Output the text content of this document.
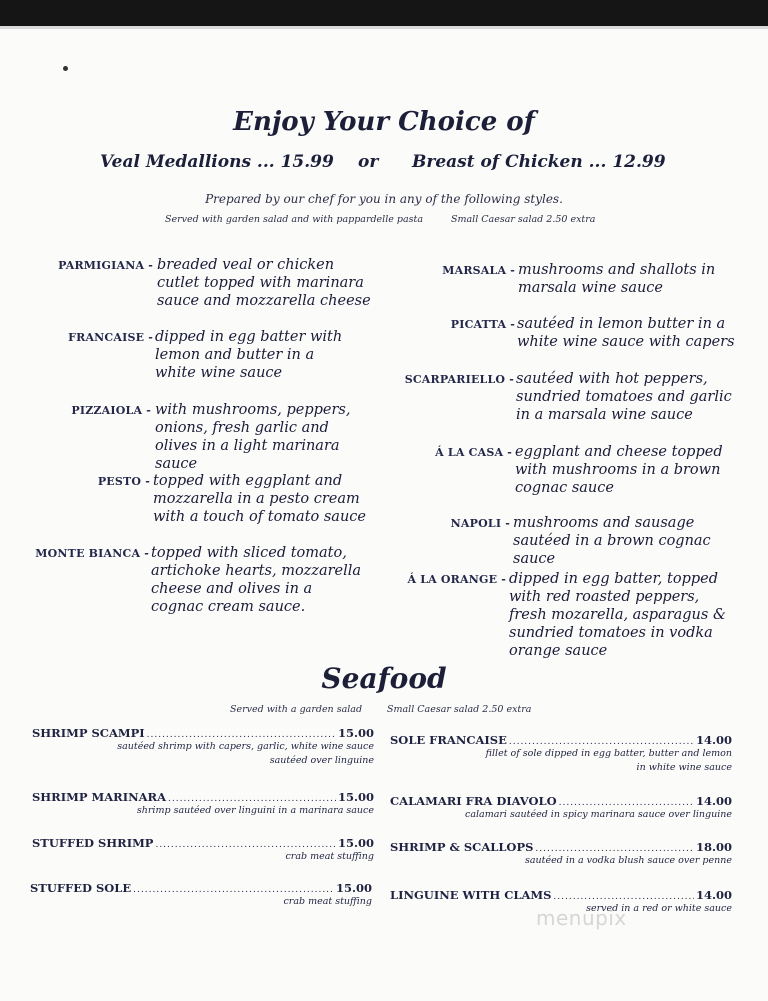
Enjoy Your Choice of
Veal Medallions ... 15.99 or Breast of Chicken ... 12.99
Prepared by our chef for you in any of the following styles.
Served with garden salad and with pappardelle pasta	Small Caesar salad 2.50 extra
PARMIGIANA - breaded veal or chicken cutlet topped with marinara sauce and mozzarella cheese
FRANCAISE - dipped in egg batter with lemon and butter in a white wine sauce
PIZZAIOLA - with mushrooms, peppers, onions, fresh garlic and olives in a light marinara sauce
PESTO - topped with eggplant and mozzarella in a pesto cream with a touch of tomato sauce
MONTE BIANCA - topped with sliced tomato, artichoke hearts, mozzarella cheese and olives in a cognac cream sauce.
MARSALA - mushrooms and shallots in marsala wine sauce
PICATTA - sautéed in lemon butter in a white wine sauce with capers
SCARPARIELLO - sautéed with hot peppers, sundried tomatoes and garlic in a marsala wine sauce
Á LA CASA - eggplant and cheese topped with mushrooms in a brown cognac sauce
NAPOLI - mushrooms and sausage sautéed in a brown cognac sauce
Á LA ORANGE - dipped in egg batter, topped with red roasted peppers, fresh mozarella, asparagus & sundried tomatoes in vodka orange sauce
Seafood
Served with a garden salad	Small Caesar salad 2.50 extra
SHRIMP SCAMPI .....	15.00
sautéed shrimp with capers, garlic, white wine sauce
sautéed over linguine
SHRIMP MARINARA .....	15.00
shrimp sautéed over linguini in a marinara sauce
STUFFED SHRIMP .....	15.00
crab meat stuffing
STUFFED SOLE .....	15.00
crab meat stuffing
SOLE FRANCAISE .....	14.00
fillet of sole dipped in egg batter, butter and lemon
in white wine sauce
CALAMARI FRA DIAVOLO .....	14.00
calamari sautéed in spicy marinara sauce over linguine
SHRIMP & SCALLOPS .....	18.00
sautéed in a vodka blush sauce over penne
LINGUINE WITH CLAMS .....	14.00
served in a red or white sauce
menupix
